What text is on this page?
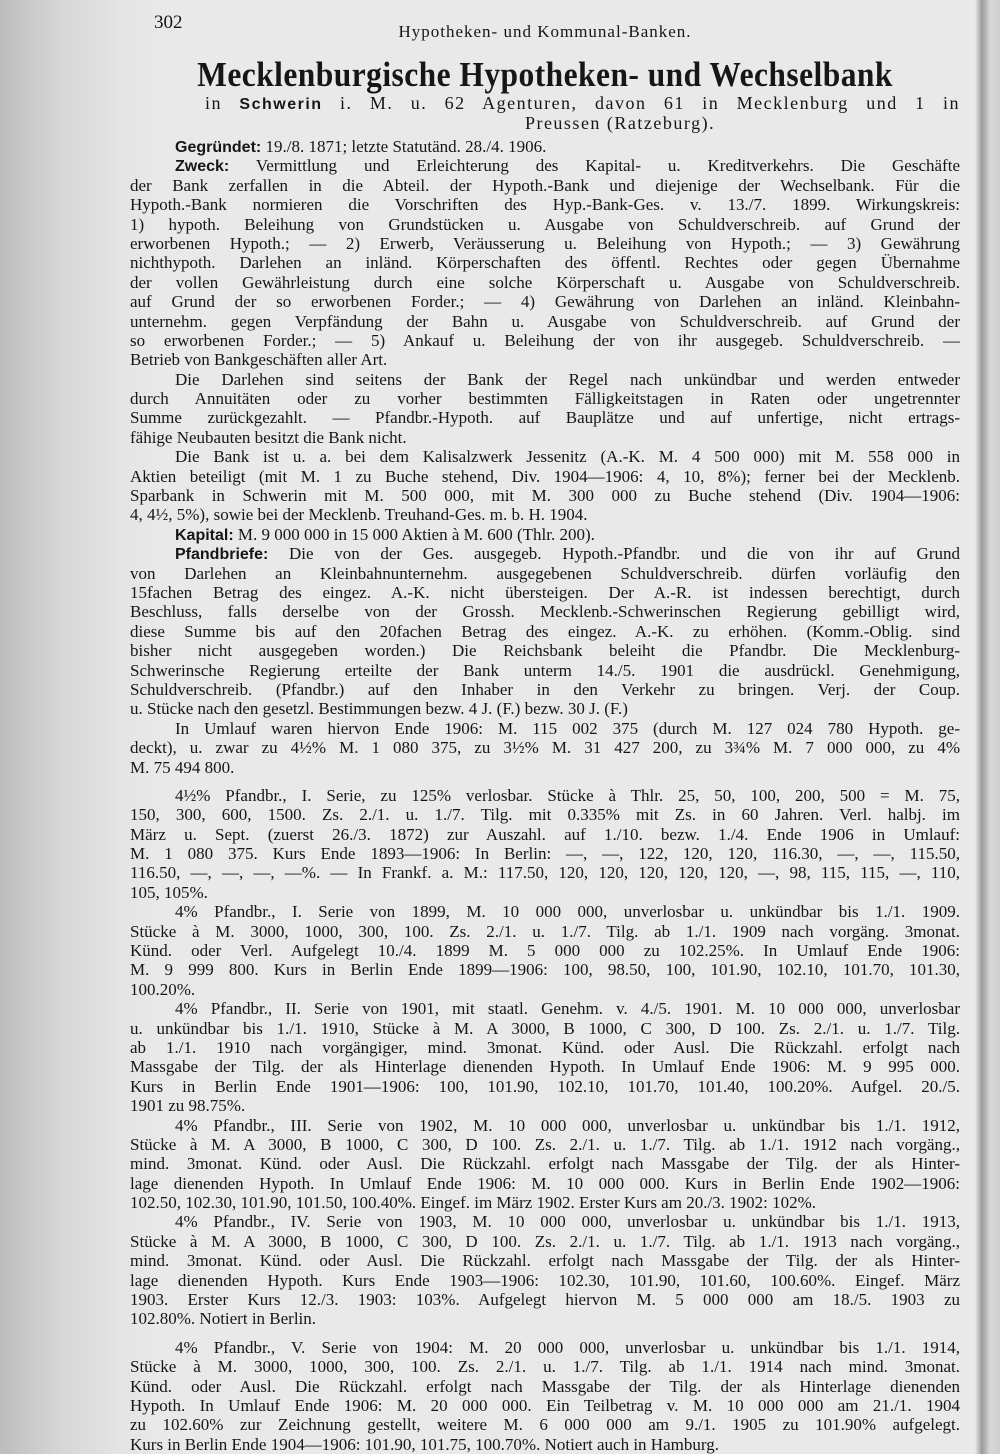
302	Hypotheken- und Kommunal-Banken.
Mecklenburgische Hypotheken- und Wechselbank
in Schwerin i. M. u. 62 Agenturen, davon 61 in Mecklenburg und 1 in
Preussen (Ratzeburg).
Gegründet: 19./8. 1871; letzte Statutänd. 28./4. 1906.
Zweck: Vermittlung und Erleichterung des Kapital- u. Kreditverkehrs. Die Geschäfte
der Bank zerfallen in die Abteil. der Hypoth.-Bank und diejenige der Wechselbank. Für die
Hypoth.-Bank normieren die Vorschriften des Hyp.-Bank-Ges. v. 13./7. 1899. Wirkungskreis:
1) hypoth. Beleihung von Grundstücken u. Ausgabe von Schuldverschreib. auf Grund der
erworbenen Hypoth.; — 2) Erwerb, Veräusserung u. Beleihung von Hypoth.; — 3) Gewährung
nichthypoth. Darlehen an inländ. Körperschaften des öffentl. Rechtes oder gegen Übernahme
der vollen Gewährleistung durch eine solche Körperschaft u. Ausgabe von Schuldverschreib.
auf Grund der so erworbenen Forder.; — 4) Gewährung von Darlehen an inländ. Kleinbahn-
unternehm. gegen Verpfändung der Bahn u. Ausgabe von Schuldverschreib. auf Grund der
so erworbenen Forder.; — 5) Ankauf u. Beleihung der von ihr ausgegeb. Schuldverschreib. —
Betrieb von Bankgeschäften aller Art.
Die Darlehen sind seitens der Bank der Regel nach unkündbar und werden entweder
durch Annuitäten oder zu vorher bestimmten Fälligkeitstagen in Raten oder ungetrennter
Summe zurückgezahlt. — Pfandbr.-Hypoth. auf Bauplätze und auf unfertige, nicht ertrags-
fähige Neubauten besitzt die Bank nicht.
Die Bank ist u. a. bei dem Kalisalzwerk Jessenitz (A.-K. M. 4 500 000) mit M. 558 000 in
Aktien beteiligt (mit M. 1 zu Buche stehend, Div. 1904—1906: 4, 10, 8%); ferner bei der Mecklenb.
Sparbank in Schwerin mit M. 500 000, mit M. 300 000 zu Buche stehend (Div. 1904—1906:
4, 4½, 5%), sowie bei der Mecklenb. Treuhand-Ges. m. b. H. 1904.
Kapital: M. 9 000 000 in 15 000 Aktien à M. 600 (Thlr. 200).
Pfandbriefe: Die von der Ges. ausgegeb. Hypoth.-Pfandbr. und die von ihr auf Grund
von Darlehen an Kleinbahnunternehm. ausgegebenen Schuldverschreib. dürfen vorläufig den
15fachen Betrag des eingez. A.-K. nicht übersteigen. Der A.-R. ist indessen berechtigt, durch
Beschluss, falls derselbe von der Grossh. Mecklenb.-Schwerinschen Regierung gebilligt wird,
diese Summe bis auf den 20fachen Betrag des eingez. A.-K. zu erhöhen. (Komm.-Oblig. sind
bisher nicht ausgegeben worden.) Die Reichsbank beleiht die Pfandbr. Die Mecklenburg-
Schwerinsche Regierung erteilte der Bank unterm 14./5. 1901 die ausdrückl. Genehmigung,
Schuldverschreib. (Pfandbr.) auf den Inhaber in den Verkehr zu bringen. Verj. der Coup.
u. Stücke nach den gesetzl. Bestimmungen bezw. 4 J. (F.) bezw. 30 J. (F.)
In Umlauf waren hiervon Ende 1906: M. 115 002 375 (durch M. 127 024 780 Hypoth. ge-
deckt), u. zwar zu 4½% M. 1 080 375, zu 3½% M. 31 427 200, zu 3¾% M. 7 000 000, zu 4%
M. 75 494 800.
4½% Pfandbr., I. Serie, zu 125% verlosbar. Stücke à Thlr. 25, 50, 100, 200, 500 = M. 75,
150, 300, 600, 1500. Zs. 2./1. u. 1./7. Tilg. mit 0.335% mit Zs. in 60 Jahren. Verl. halbj. im
März u. Sept. (zuerst 26./3. 1872) zur Auszahl. auf 1./10. bezw. 1./4. Ende 1906 in Umlauf:
M. 1 080 375. Kurs Ende 1893—1906: In Berlin: —, —, 122, 120, 120, 116.30, —, —, 115.50,
116.50, —, —, —, —%. — In Frankf. a. M.: 117.50, 120, 120, 120, 120, 120, —, 98, 115, 115, —, 110,
105, 105%.
4% Pfandbr., I. Serie von 1899, M. 10 000 000, unverlosbar u. unkündbar bis 1./1. 1909.
Stücke à M. 3000, 1000, 300, 100. Zs. 2./1. u. 1./7. Tilg. ab 1./1. 1909 nach vorgäng. 3monat.
Künd. oder Verl. Aufgelegt 10./4. 1899 M. 5 000 000 zu 102.25%. In Umlauf Ende 1906:
M. 9 999 800. Kurs in Berlin Ende 1899—1906: 100, 98.50, 100, 101.90, 102.10, 101.70, 101.30,
100.20%.
4% Pfandbr., II. Serie von 1901, mit staatl. Genehm. v. 4./5. 1901. M. 10 000 000, unverlosbar
u. unkündbar bis 1./1. 1910, Stücke à M. A 3000, B 1000, C 300, D 100. Zs. 2./1. u. 1./7. Tilg.
ab 1./1. 1910 nach vorgängiger, mind. 3monat. Künd. oder Ausl. Die Rückzahl. erfolgt nach
Massgabe der Tilg. der als Hinterlage dienenden Hypoth. In Umlauf Ende 1906: M. 9 995 000.
Kurs in Berlin Ende 1901—1906: 100, 101.90, 102.10, 101.70, 101.40, 100.20%. Aufgel. 20./5.
1901 zu 98.75%.
4% Pfandbr., III. Serie von 1902, M. 10 000 000, unverlosbar u. unkündbar bis 1./1. 1912,
Stücke à M. A 3000, B 1000, C 300, D 100. Zs. 2./1. u. 1./7. Tilg. ab 1./1. 1912 nach vorgäng.,
mind. 3monat. Künd. oder Ausl. Die Rückzahl. erfolgt nach Massgabe der Tilg. der als Hinter-
lage dienenden Hypoth. In Umlauf Ende 1906: M. 10 000 000. Kurs in Berlin Ende 1902—1906:
102.50, 102.30, 101.90, 101.50, 100.40%. Eingef. im März 1902. Erster Kurs am 20./3. 1902: 102%.
4% Pfandbr., IV. Serie von 1903, M. 10 000 000, unverlosbar u. unkündbar bis 1./1. 1913,
Stücke à M. A 3000, B 1000, C 300, D 100. Zs. 2./1. u. 1./7. Tilg. ab 1./1. 1913 nach vorgäng.,
mind. 3monat. Künd. oder Ausl. Die Rückzahl. erfolgt nach Massgabe der Tilg. der als Hinter-
lage dienenden Hypoth. Kurs Ende 1903—1906: 102.30, 101.90, 101.60, 100.60%. Eingef. März
1903. Erster Kurs 12./3. 1903: 103%. Aufgelegt hiervon M. 5 000 000 am 18./5. 1903 zu
102.80%. Notiert in Berlin.
4% Pfandbr., V. Serie von 1904: M. 20 000 000, unverlosbar u. unkündbar bis 1./1. 1914,
Stücke à M. 3000, 1000, 300, 100. Zs. 2./1. u. 1./7. Tilg. ab 1./1. 1914 nach mind. 3monat.
Künd. oder Ausl. Die Rückzahl. erfolgt nach Massgabe der Tilg. der als Hinterlage dienenden
Hypoth. In Umlauf Ende 1906: M. 20 000 000. Ein Teilbetrag v. M. 10 000 000 am 21./1. 1904
zu 102.60% zur Zeichnung gestellt, weitere M. 6 000 000 am 9./1. 1905 zu 101.90% aufgelegt.
Kurs in Berlin Ende 1904—1906: 101.90, 101.75, 100.70%. Notiert auch in Hamburg.
